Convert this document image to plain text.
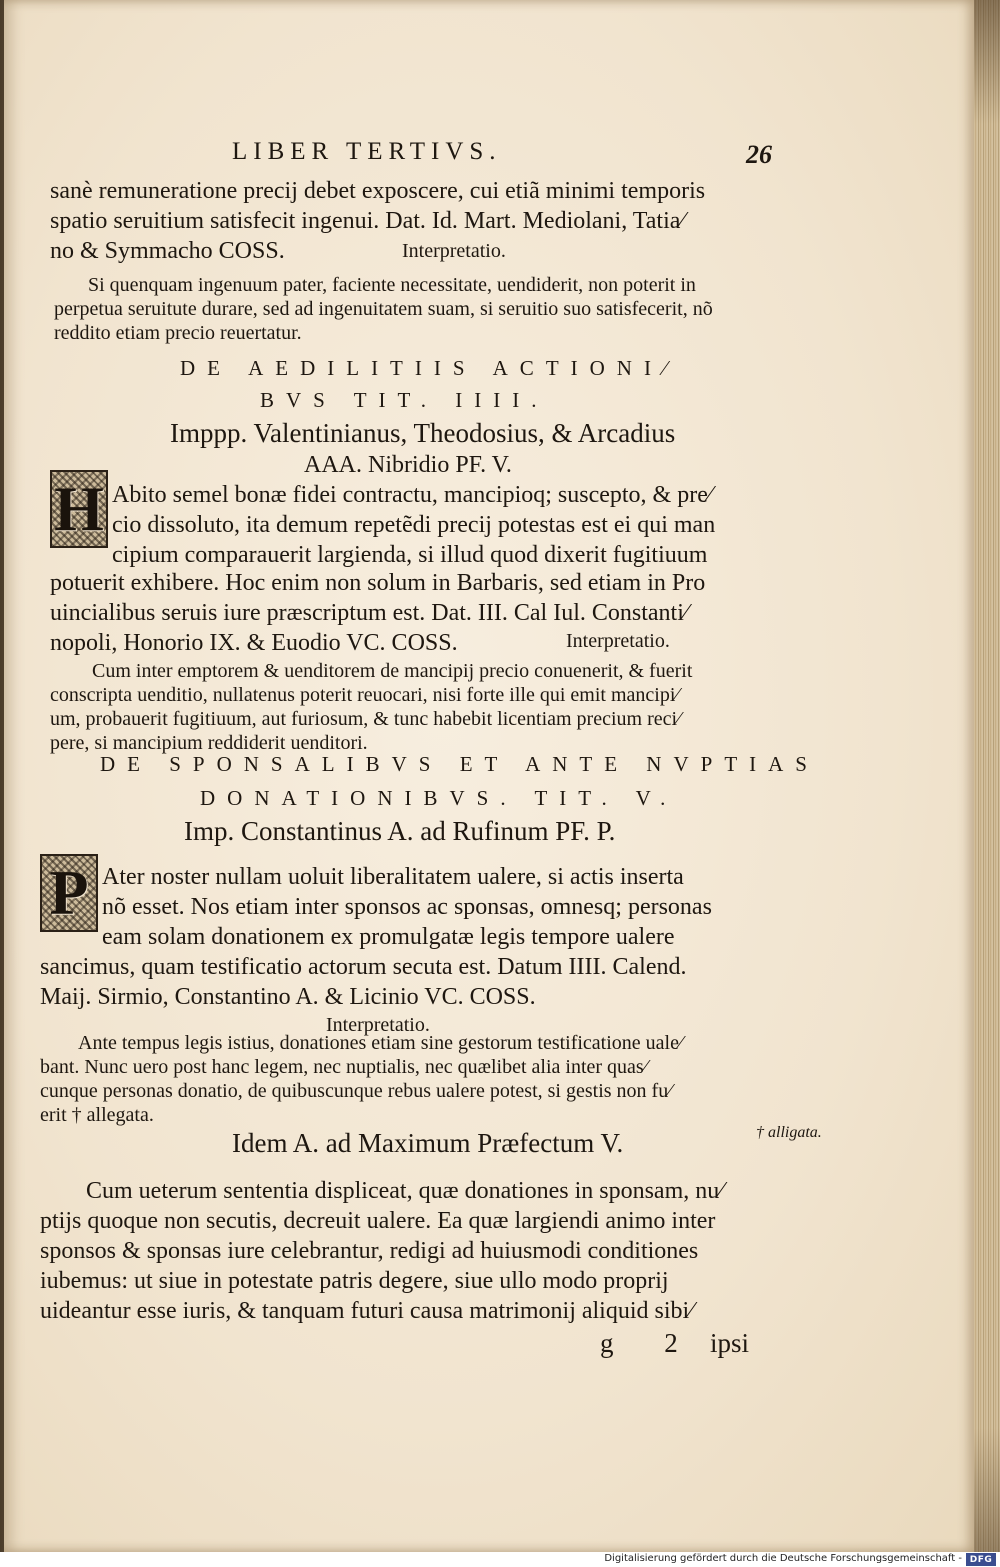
LIBER TERTIVS.	26
sanè remuneratione precij debet exposcere, cui etiã minimi temporis
spatio seruitium satisfecit ingenui. Dat. Id. Mart. Mediolani, Tatia⁄
no & Symmacho COSS.	Interpretatio.
Si quenquam ingenuum pater, faciente necessitate, uendiderit, non poterit in
perpetua seruitute durare, sed ad ingenuitatem suam, si seruitio suo satisfecerit, nõ
reddito etiam precio reuertatur.
DE AEDILITIIS ACTIONI⁄
BVS TIT. IIII.
Imppp. Valentinianus, Theodosius, & Arcadius
AAA. Nibridio PF. V.
H Abito semel bonæ fidei contractu, mancipioq; suscepto, & pre⁄
cio dissoluto, ita demum repetẽdi precij potestas est ei qui man
cipium comparauerit largienda, si illud quod dixerit fugitiuum
potuerit exhibere. Hoc enim non solum in Barbaris, sed etiam in Pro
uincialibus seruis iure præscriptum est. Dat. III. Cal Iul. Constanti⁄
nopoli, Honorio IX. & Euodio VC. COSS.	Interpretatio.
Cum inter emptorem & uenditorem de mancipij precio conuenerit, & fuerit
conscripta uenditio, nullatenus poterit reuocari, nisi forte ille qui emit mancipi⁄
um, probauerit fugitiuum, aut furiosum, & tunc habebit licentiam precium reci⁄
pere, si mancipium reddiderit uenditori.
DE SPONSALIBVS ET ANTE NVPTIAS
DONATIONIBVS. TIT. V.
Imp. Constantinus A. ad Rufinum PF. P.
P Ater noster nullam uoluit liberalitatem ualere, si actis inserta
nõ esset. Nos etiam inter sponsos ac sponsas, omnesq; personas
eam solam donationem ex promulgatæ legis tempore ualere
sancimus, quam testificatio actorum secuta est. Datum IIII. Calend.
Maij. Sirmio, Constantino A. & Licinio VC. COSS.
Interpretatio.
Ante tempus legis istius, donationes etiam sine gestorum testificatione uale⁄
bant. Nunc uero post hanc legem, nec nuptialis, nec quælibet alia inter quas⁄
cunque personas donatio, de quibuscunque rebus ualere potest, si gestis non fu⁄
erit † allegata.
† alligata.
Idem A. ad Maximum Præfectum V.
Cum ueterum sententia displiceat, quæ donationes in sponsam, nu⁄
ptijs quoque non secutis, decreuit ualere. Ea quæ largiendi animo inter
sponsos & sponsas iure celebrantur, redigi ad huiusmodi conditiones
iubemus: ut siue in potestate patris degere, siue ullo modo proprij
uideantur esse iuris, & tanquam futuri causa matrimonij aliquid sibi⁄
g 2 ipsi
Digitalisierung gefördert durch die Deutsche Forschungsgemeinschaft - DFG
